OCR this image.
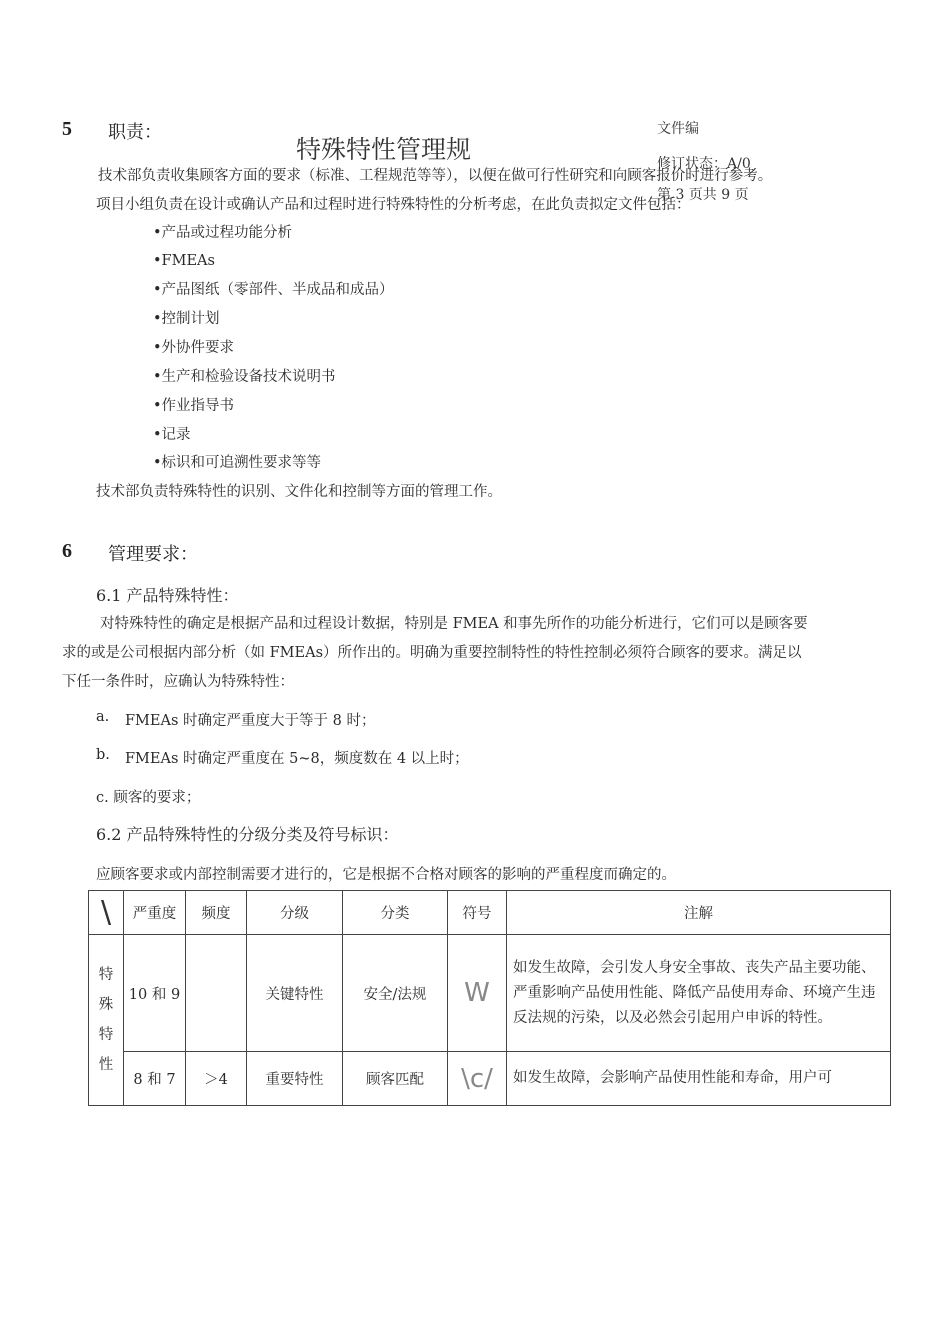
特殊特性管理规
文件编
修订状态：A/0
第 3 页共 9 页
5 职责：
技术部负责收集顾客方面的要求（标准、工程规范等等），以便在做可行性研究和向顾客报价时进行参考。
项目小组负责在设计或确认产品和过程时进行特殊特性的分析考虑，在此负责拟定文件包括：
•产品或过程功能分析
•FMEAs
•产品图纸（零部件、半成品和成品）
•控制计划
•外协件要求
•生产和检验设备技术说明书
•作业指导书
•记录
•标识和可追溯性要求等等
技术部负责特殊特性的识别、文件化和控制等方面的管理工作。
6 管理要求：
6.1 产品特殊特性：
对特殊特性的确定是根据产品和过程设计数据，特别是 FMEA 和事先所作的功能分析进行，它们可以是顾客要
求的或是公司根据内部分析（如 FMEAs）所作出的。明确为重要控制特性的特性控制必须符合顾客的要求。满足以
下任一条件时，应确认为特殊特性：
a. FMEAs 时确定严重度大于等于 8 时；
b. FMEAs 时确定严重度在 5~8，频度数在 4 以上时；
c. 顾客的要求；
6.2 产品特殊特性的分级分类及符号标识：
应顾客要求或内部控制需要才进行的，它是根据不合格对顾客的影响的严重程度而确定的。
\	严重度	频度	分级	分类	符号	注解

特殊特性	10 和 9		关键特性	安全/法规	W	如发生故障，会引发人身安全事故、丧失产品主要功能、严重影响产品使用性能、降低产品使用寿命、环境产生违反法规的污染，以及必然会引起用户申诉的特性。
	8 和 7	＞4	重要特性	顾客匹配	\c/	如发生故障，会影响产品使用性能和寿命，用户可
